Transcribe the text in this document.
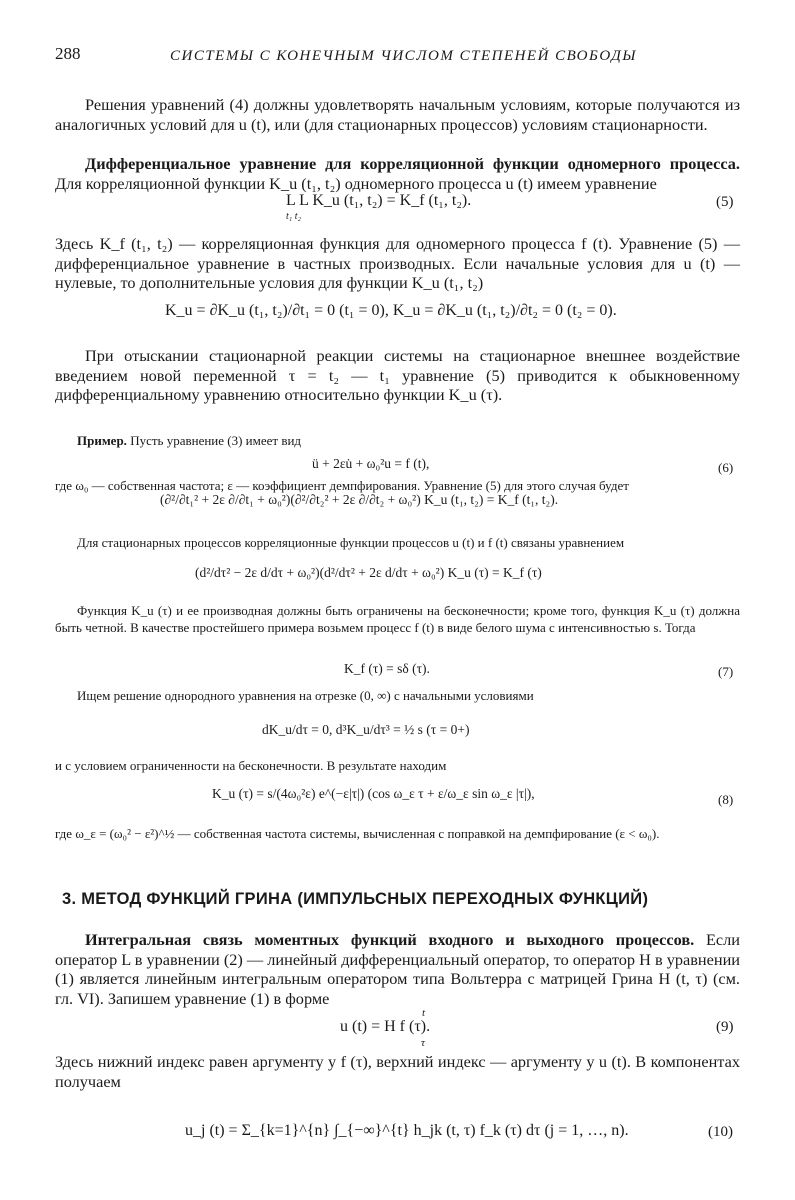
288	СИСТЕМЫ С КОНЕЧНЫМ ЧИСЛОМ СТЕПЕНЕЙ СВОБОДЫ
Решения уравнений (4) должны удовлетворять начальным условиям, которые получаются из аналогичных условий для u (t), или (для стационарных процессов) условиям стационарности.
Дифференциальное уравнение для корреляционной функции одномерного процесса. Для корреляционной функции K_u (t₁, t₂) одномерного процесса u (t) имеем уравнение
L L K_u (t₁, t₂) = K_f (t₁, t₂).
t₁ t₂
(5)
Здесь K_f (t₁, t₂) — корреляционная функция для одномерного процесса f (t). Уравнение (5) — дифференциальное уравнение в частных производных. Если начальные условия для u (t) — нулевые, то дополнительные условия для функции K_u (t₁, t₂)
K_u = ∂K_u (t₁, t₂)/∂t₁ = 0 (t₁ = 0), K_u = ∂K_u (t₁, t₂)/∂t₂ = 0 (t₂ = 0).
При отыскании стационарной реакции системы на стационарное внешнее воздействие введением новой переменной τ = t₂ — t₁ уравнение (5) приводится к обыкновенному дифференциальному уравнению относительно функции K_u (τ).
Пример. Пусть уравнение (3) имеет вид
ü + 2εu̇ + ω₀²u = f (t),	(6)
где ω₀ — собственная частота; ε — коэффициент демпфирования. Уравнение (5) для этого случая будет
(∂²/∂t₁² + 2ε ∂/∂t₁ + ω₀²)(∂²/∂t₂² + 2ε ∂/∂t₂ + ω₀²) K_u (t₁, t₂) = K_f (t₁, t₂).
Для стационарных процессов корреляционные функции процессов u (t) и f (t) связаны уравнением
(d²/dτ² − 2ε d/dτ + ω₀²)(d²/dτ² + 2ε d/dτ + ω₀²) K_u (τ) = K_f (τ)
Функция K_u (τ) и ее производная должны быть ограничены на бесконечности; кроме того, функция K_u (τ) должна быть четной. В качестве простейшего примера возьмем процесс f (t) в виде белого шума с интенсивностью s. Тогда
K_f (τ) = sδ (τ).	(7)
Ищем решение однородного уравнения на отрезке (0, ∞) с начальными условиями
dK_u/dτ = 0, d³K_u/dτ³ = ½ s (τ = 0+)
и с условием ограниченности на бесконечности. В результате находим
K_u (τ) = s/(4ω₀²ε) e^(−ε|τ|) (cos ω_ε τ + ε/ω_ε sin ω_ε |τ|),	(8)
где ω_ε = (ω₀² − ε²)^½ — собственная частота системы, вычисленная с поправкой на демпфирование (ε < ω₀).
3. МЕТОД ФУНКЦИЙ ГРИНА (ИМПУЛЬСНЫХ ПЕРЕХОДНЫХ ФУНКЦИЙ)
Интегральная связь моментных функций входного и выходного процессов. Если оператор L в уравнении (2) — линейный дифференциальный оператор, то оператор H в уравнении (1) является линейным интегральным оператором типа Вольтерра с матрицей Грина H (t, τ) (см. гл. VI). Запишем уравнение (1) в форме
t
u (t) = H f (τ).
τ
(9)
Здесь нижний индекс равен аргументу у f (τ), верхний индекс — аргументу у u (t). В компонентах получаем
u_j (t) = Σ_{k=1}^{n} ∫_{−∞}^{t} h_jk (t, τ) f_k (τ) dτ (j = 1, …, n).	(10)
